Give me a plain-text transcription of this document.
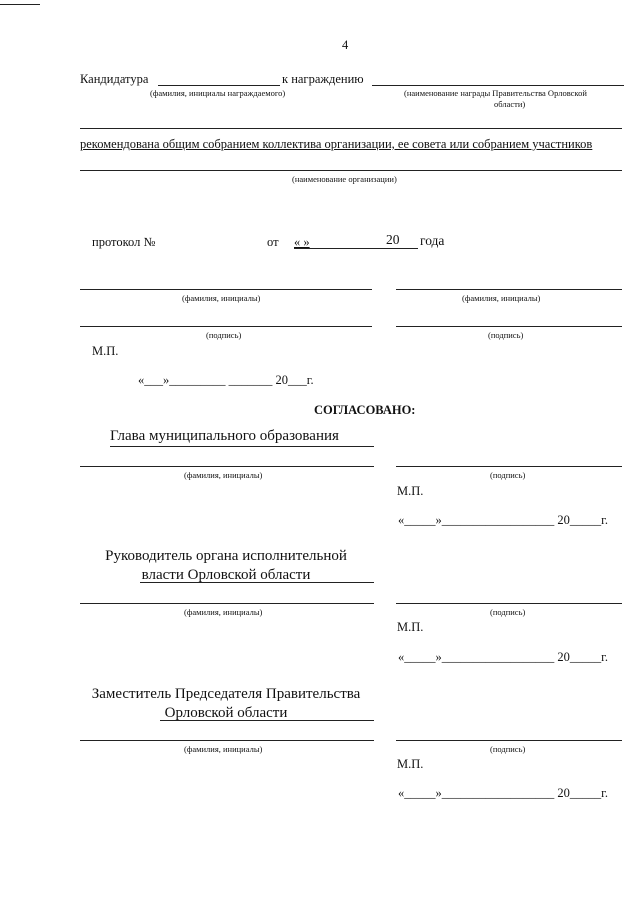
4
Кандидатура	к награждению
(фамилия, инициалы награждаемого)	(наименование награды Правительства Орловской
области)
рекомендована общим собранием коллектива организации, ее совета или собранием участников
(наименование организации)
протокол №	от « »	20 года
(фамилия, инициалы)	(фамилия, инициалы)
(подпись)	(подпись)
М.П.
«___»_________ _______ 20___г.
СОГЛАСОВАНО:
Глава муниципального образования
(фамилия, инициалы)	(подпись)
М.П.
«_____»__________________ 20_____г.
Руководитель органа исполнительной
власти Орловской области
(фамилия, инициалы)	(подпись)
М.П.
«_____»__________________ 20_____г.
Заместитель Председателя Правительства
Орловской области
(фамилия, инициалы)	(подпись)
М.П.
«_____»__________________ 20_____г.
